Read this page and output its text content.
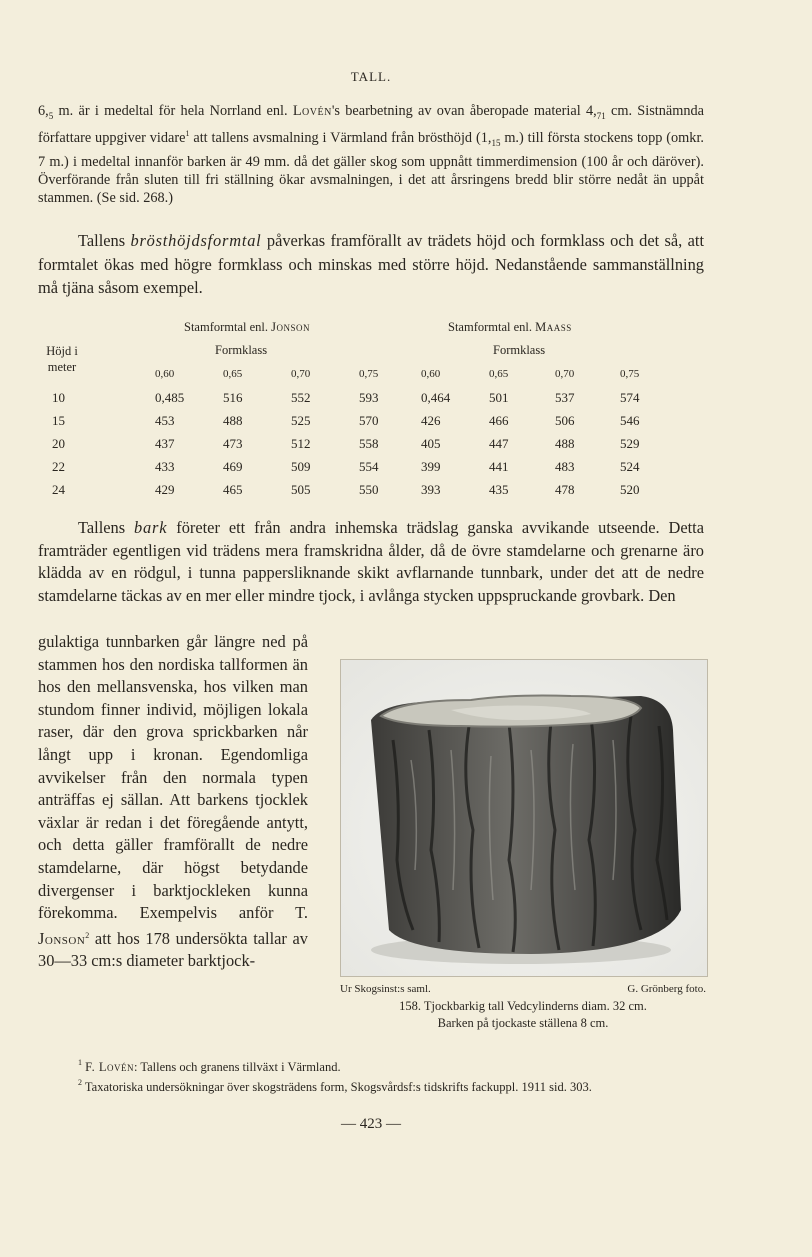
TALL.

$6,_5$ m. är i medeltal för hela Norrland enl. Lovén's bearbetning av ovan åberopade material $4,_{71}$ cm. Sistnämnda författare uppgiver vidare$^1$ att tallens avsmalning i Värmland från brösthöjd ($1,_{15}$ m.) till första stockens topp (omkr. 7 m.) i medeltal innanför barken är 49 mm. då det gäller skog som uppnått timmerdimension (100 år och däröver). Överförande från sluten till fri ställning ökar avsmalningen, i det att årsringens bredd blir större nedåt än uppåt stammen. (Se sid. 268.)

Tallens brösthöjdsformtal påverkas framförallt av trädets höjd och formklass och det så, att formtalet ökas med högre formklass och minskas med större höjd. Nedanstående sammanställning må tjäna såsom exempel.

Stamformtal enl. Jonson	Stamformtal enl. Maass
Formklass	Formklass
Höjd i meter	0,60	0,65	0,70	0,75	0,60	0,65	0,70	0,75
10	0,485	516	552	593	0,464	501	537	574
15	453	488	525	570	426	466	506	546
20	437	473	512	558	405	447	488	529
22	433	469	509	554	399	441	483	524
24	429	465	505	550	393	435	478	520

Tallens bark företer ett från andra inhemska trädslag ganska avvikande utseende. Detta framträder egentligen vid trädens mera framskridna ålder, då de övre stamdelarne och grenarne äro klädda av en rödgul, i tunna pappersliknande skikt avflarnande tunnbark, under det att de nedre stamdelarne täckas av en mer eller mindre tjock, i avlånga stycken uppspruckande grovbark. Den

gulaktiga tunnbarken går längre ned på stammen hos den nordiska tallformen än hos den mellansvenska, hos vilken man stundom finner individ, möjligen lokala raser, där den grova sprickbarken når långt upp i kronan. Egendomliga avvikelser från den normala typen anträffas ej sällan. Att barkens tjocklek växlar är redan i det föregående antytt, och detta gäller framförallt de nedre stamdelarne, där högst betydande divergenser i barktjockleken kunna förekomma. Exempelvis anför T. Jonson$^2$ att hos 178 undersökta tallar av 30—33 cm:s diameter barktjock-

Ur Skogsinst:s saml.	G. Grönberg foto.
158. Tjockbarkig tall Vedcylinderns diam. 32 cm.
Barken på tjockaste ställena 8 cm.

$^1$ F. Lovén: Tallens och granens tillväxt i Värmland.

$^2$ Taxatoriska undersökningar över skogsträdens form, Skogsvårdsf:s tidskrifts fackuppl. 1911 sid. 303.

— 423 —
